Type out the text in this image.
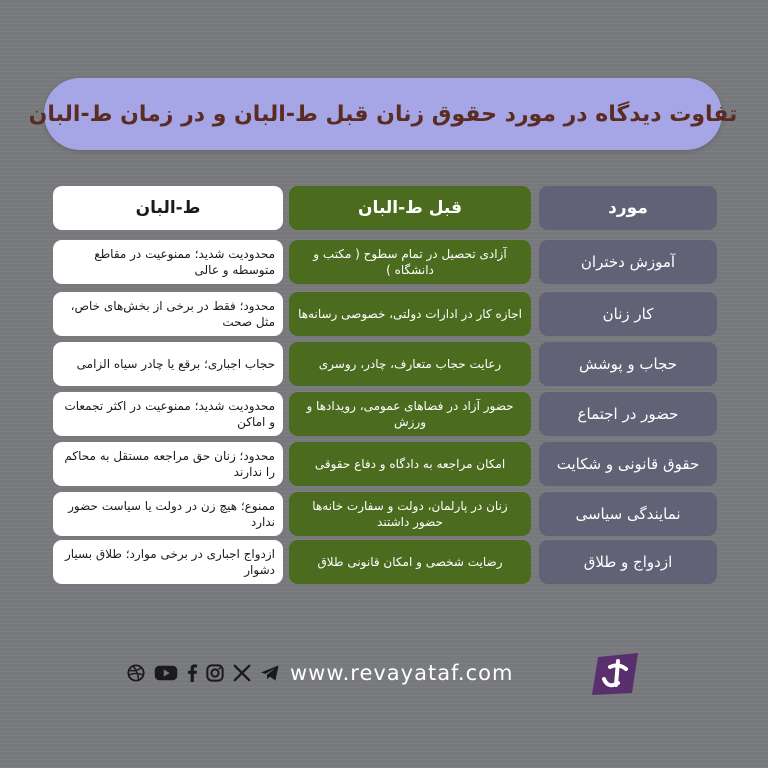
تفاوت دیدگاه در مورد حقوق زنان قبل ط-البان و در زمان ط-البان
مورد
قبل ط-البان
ط-البان
آموزش دختران
آزادی تحصیل در تمام سطوح ( مکتب و دانشگاه )
محدودیت شدید؛ ممنوعیت در مقاطع متوسطه و عالی
کار زنان
اجازه کار در ادارات دولتی، خصوصی رسانه‌ها
محدود؛ فقط در برخی از بخش‌های خاص، مثل صحت
حجاب و پوشش
رعایت حجاب متعارف، چادر، روسری
حجاب اجباری؛ برقع یا چادر سیاه الزامی
حضور در اجتماع
حضور آزاد در فضاهای عمومی، رویدادها و ورزش
محدودیت شدید؛ ممنوعیت در اکثر تجمعات و اماکن
حقوق قانونی و شکایت
امکان مراجعه به دادگاه و دفاع حقوقی
محدود؛ زنان حق مراجعه مستقل به محاکم را ندارند
نمایندگی سیاسی
زنان در پارلمان، دولت و سفارت خانه‌ها حضور داشتند
ممنوع؛ هیچ زن در دولت یا سیاست حضور ندارد
ازدواج و طلاق
رضایت شخصی و امکان قانونی طلاق
ازدواج اجباری در برخی موارد؛ طلاق بسیار دشوار
www.revayataf.com
